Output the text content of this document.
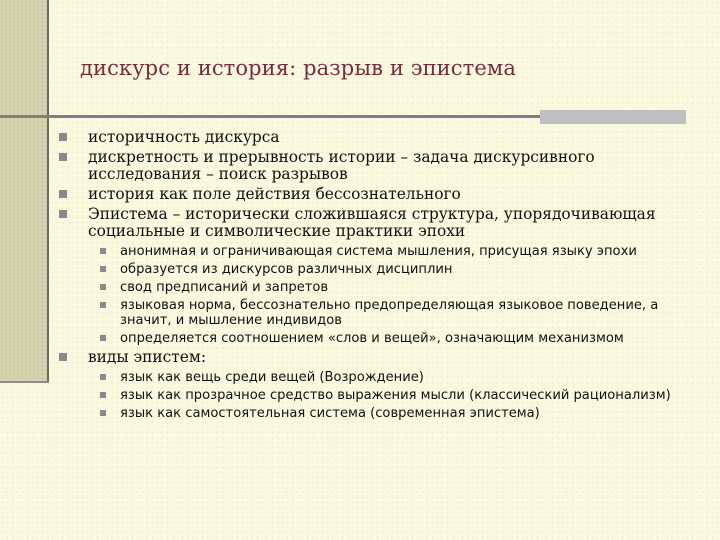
дискурс и история: разрыв и эпистема
историчность дискурса
дискретность и прерывность истории – задача дискурсивного исследования – поиск разрывов
история как поле действия бессознательного
Эпистема – исторически сложившаяся структура, упорядочивающая социальные и символические практики эпохи
анонимная и ограничивающая система мышления, присущая языку эпохи
образуется из дискурсов различных дисциплин
свод предписаний и запретов
языковая норма, бессознательно предопределяющая языковое поведение, а значит, и мышление индивидов
определяется соотношением «слов и вещей», означающим механизмом
виды эпистем:
язык как вещь среди вещей (Возрождение)
язык как прозрачное средство выражения мысли (классический рационализм)
язык как самостоятельная система (современная эпистема)
